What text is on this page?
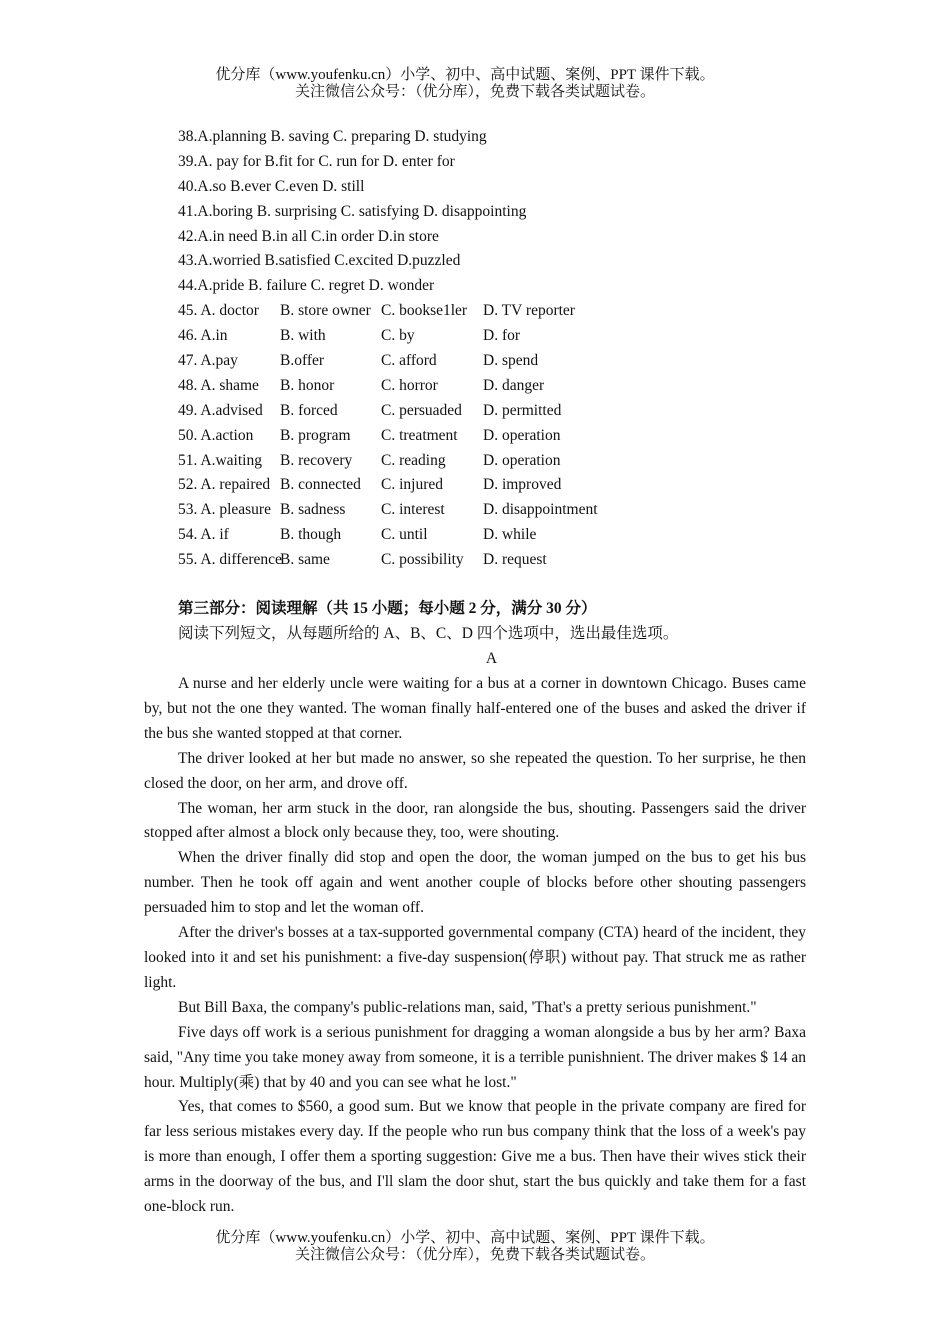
优分库（www.youfenku.cn）小学、初中、高中试题、案例、PPT 课件下载。
关注微信公众号：（优分库），免费下载各类试题试卷。
38.A.planning B. saving C. preparing D. studying
39.A. pay for B.fit for C. run for D. enter for
40.A.so B.ever C.even D. still
41.A.boring B. surprising C. satisfying D. disappointing
42.A.in need B.in all C.in order D.in store
43.A.worried B.satisfied C.excited D.puzzled
44.A.pride B. failure C. regret D. wonder
45. A. doctor B. store owner C. bookse1ler D. TV reporter
46. A.in	B. with	C. by	D. for
47. A.pay	B.offer	C. afford	D. spend
48. A. shame B. honor	C. horror	D. danger
49. A.advised B. forced	C. persuaded D. permitted
50. A.action B. program C. treatment D. operation
51. A.waiting B. recovery C. reading D. operation
52. A. repaired B. connected C. injured	D. improved
53. A. pleasure B. sadness C. interest D. disappointment
54. A. if	B. though	C. until	D. while
55. A. differenceB. same	C. possibility D. request
第三部分：阅读理解（共 15 小题；每小题 2 分，满分 30 分）
阅读下列短文，从每题所给的 A、B、C、D 四个选项中，选出最佳选项。
A

A nurse and her elderly uncle were waiting for a bus at a corner in downtown Chicago. Buses came by, but not the one they wanted. The woman finally half-entered one of the buses and asked the driver if the bus she wanted stopped at that corner.

The driver looked at her but made no answer, so she repeated the question. To her surprise, he then closed the door, on her arm, and drove off.

The woman, her arm stuck in the door, ran alongside the bus, shouting. Passengers said the driver stopped after almost a block only because they, too, were shouting.

When the driver finally did stop and open the door, the woman jumped on the bus to get his bus number. Then he took off again and went another couple of blocks before other shouting passengers persuaded him to stop and let the woman off.

After the driver's bosses at a tax-supported governmental company (CTA) heard of the incident, they looked into it and set his punishment: a five-day suspension(停职) without pay. That struck me as rather light.

But Bill Baxa, the company's public-relations man, said, 'That's a pretty serious punishment."

Five days off work is a serious punishment for dragging a woman alongside a bus by her arm? Baxa said, "Any time you take money away from someone, it is a terrible punishnient. The driver makes $ 14 an hour. Multiply(乘) that by 40 and you can see what he lost."

Yes, that comes to $560, a good sum. But we know that people in the private company are fired for far less serious mistakes every day. If the people who run bus company think that the loss of a week's pay is more than enough, I offer them a sporting suggestion: Give me a bus. Then have their wives stick their arms in the doorway of the bus, and I'll slam the door shut, start the bus quickly and take them for a fast one-block run.

优分库（www.youfenku.cn）小学、初中、高中试题、案例、PPT 课件下载。
关注微信公众号：（优分库），免费下载各类试题试卷。
